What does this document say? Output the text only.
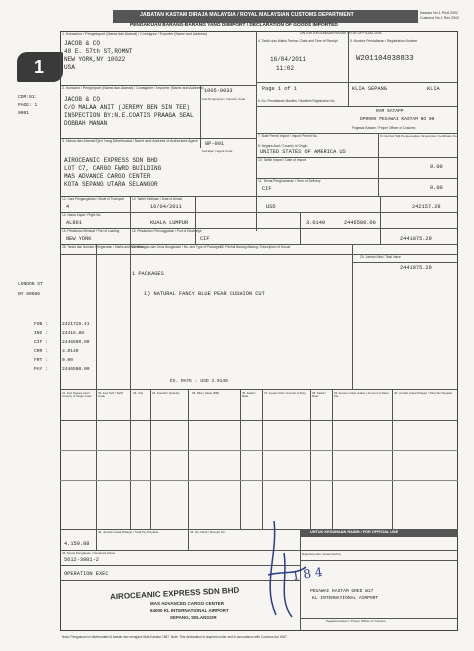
JABATAN KASTAM DIRAJA MALAYSIA / ROYAL MALAYSIAN CUSTOMS DEPARTMENT
PENGAKUAN BARANG-BARANG YANG DIIMPORT / DECLARATION OF GOODS IMPORTED
Kastam No.1 Pind 2002
Customs No.1 Rev 2002
UNTUK KEGUNAAN RASMI / FOR OFFICIAL USE
1
CDM:01:
PAGE: 1
0001
1. Konsainor / Pengeksport (Nama dan Alamat) / Consignor / Exporter (Name and Address)
JACOB & CO
48 E. 57th ST,ROMNT
NEW YORK,NY 10022
USA
2. Konsaini / Pengimport (Nama dan Alamat) / Consignee / Importer (Name and Address)
JACOB & CO
C/O MALAA ANIT (JEREMY BEN SIN TEE)
INSPECTION BY:N.E.COATIS PRAAGA SEAL
DOBBAH MANAN
1005-0033
Kod Pengimport / Importer Code
3. Nama dan Alamat Ejen Yang Diberikuasa / Name and Address of Authorised Agent 8P-001
Kod Ejen / Agent Code
AIROCEANIC EXPRESS SDN BHD
LOT C7, CARGO FWRD BUILDING
MAS ADVANCE CARGO CENTER
KOTA SEPANG UTARA SELANGOR
4. Tarikh dan Waktu Terima / Date and Time of Receipt
16/04/2011
11:02
5. Nombor Pendaftaran / Registration Number
W201104038833
Page 1 of 1	KLIA SEPANG	KLIA
6. No. Pendaftaran Manifes / Manifest Registration No.
Pegawai Kastam / Proper Officer of Customs
RAM SATAPP
DP0005 PEGAWAI KASTAM NO 00
7. Butir Permit Import / Import Permit No.	8. Nombor Sijil Pengecualian / Exemption Certificate No.
9. Negara Asal / Country of Origin
UNITED STATES OF AMERICA US
10. Tarikh Import / Date of Import
11. Terma Penghantaran / Term of Delivery
CIF
0.00
0.00
12. Cara Pengangkutan / Mode of Transport
4
13. Tarikh Ketibaan / Date of Arrival
16/04/2011	USD	242157.29
14. Nama Kapal / Flight No.
AL801	KUALA LUMPUR	3.0140	2446500.00
15. Pelabuhan Memuat / Port of Loading
NEW YORK
16. Pelabuhan Pemunggahan / Port of Discharge
CIF	2441875.29
25. Tanda dan Nombor Pengenalan / Marks and Numbers
26. Bilangan dan Jenis Bungkusan / No. and Type of Packages
28. Perihal Barang-Barang / Description of Goods
29. Jumlah Nilai / Total Value
LONDON ST
NY 80086
1 PACKAGES
1) NATURAL FANCY BLUE PEAR CUSHION CUT
FOB :	2421729.41
INS :	24415.88
CIF :	2446500.00
CRR :	3.0140
FRT :	0.00
PAY :	2446500.00
EX. RATE : USD 3.0140
2441875.29
31. Kod Negara Asal / Country of Origin Code
32. Kod Tarif / Tariff Code
33. Unit	34. Kuantiti / Quantity	35. Nilai / Value (RM)	36. Kadar / Rate
37. Amaun Duti / Amount of Duty	38. Kadar / Rate
39. Amaun Cukai Jualan / Amount of Sales Tax
40. Jumlah Cukai Dibayar / Total Tax Payable
42. Jumlah Cukai Dibayar / Total Tax Payable
4.150.88
43. No. Resit / Receipt No.
44. Nama Pengakuan / Declarant Name
5612-3801-2
OPERATION EXEC
UNTUK KEGUNAAN RASMI / FOR OFFICIAL USE
Diperiksa oleh / Examined by
AIROCEANIC EXPRESS SDN BHD
MAS ADVANCED CARGO CENTER
64000 KL INTERNATIONAL AIRPORT
SEPANG, SELANGOR
PEGAWAI KASTAM GRED W17
KL INTERNATIONAL AIRPORT
Pegawai Kastam / Proper Officer of Customs
1 8 4
Nota: Pengakuan ini dikehendaki di bawah dan mengikut Akta Kastam 1967. Note: This declaration is required under and in accordance with Customs Act 1967.
